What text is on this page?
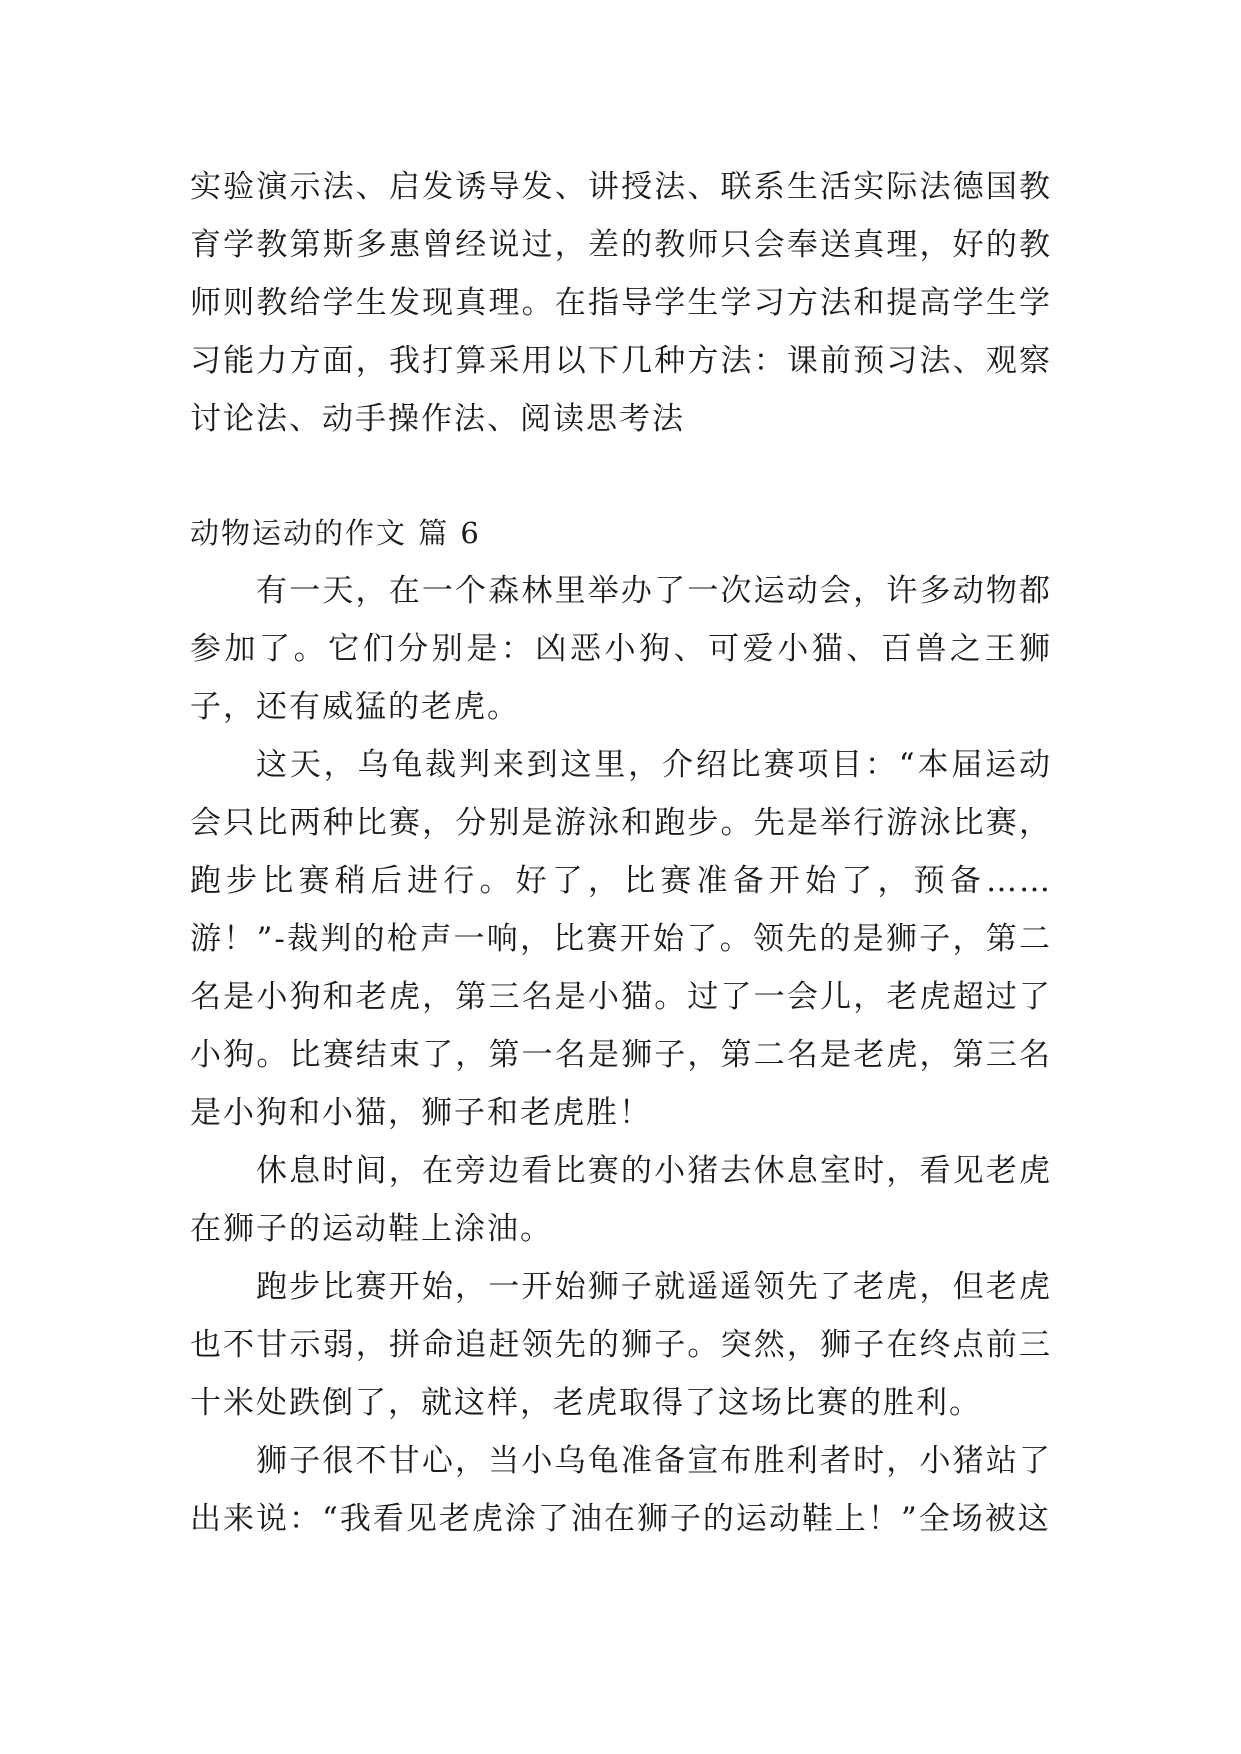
实验演示法、启发诱导发、讲授法、联系生活实际法德国教育学教第斯多惠曾经说过，差的教师只会奉送真理，好的教师则教给学生发现真理。在指导学生学习方法和提高学生学习能力方面，我打算采用以下几种方法：课前预习法、观察讨论法、动手操作法、阅读思考法

动物运动的作文 篇 6

有一天，在一个森林里举办了一次运动会，许多动物都参加了。它们分别是：凶恶小狗、可爱小猫、百兽之王狮子，还有威猛的老虎。

这天，乌龟裁判来到这里，介绍比赛项目：“本届运动会只比两种比赛，分别是游泳和跑步。先是举行游泳比赛，跑步比赛稍后进行。好了，比赛准备开始了，预备……游！”-裁判的枪声一响，比赛开始了。领先的是狮子，第二名是小狗和老虎，第三名是小猫。过了一会儿，老虎超过了小狗。比赛结束了，第一名是狮子，第二名是老虎，第三名是小狗和小猫，狮子和老虎胜！

休息时间，在旁边看比赛的小猪去休息室时，看见老虎在狮子的运动鞋上涂油。

跑步比赛开始，一开始狮子就遥遥领先了老虎，但老虎也不甘示弱，拼命追赶领先的狮子。突然，狮子在终点前三十米处跌倒了，就这样，老虎取得了这场比赛的胜利。

狮子很不甘心，当小乌龟准备宣布胜利者时，小猪站了出来说：“我看见老虎涂了油在狮子的运动鞋上！”全场被这
